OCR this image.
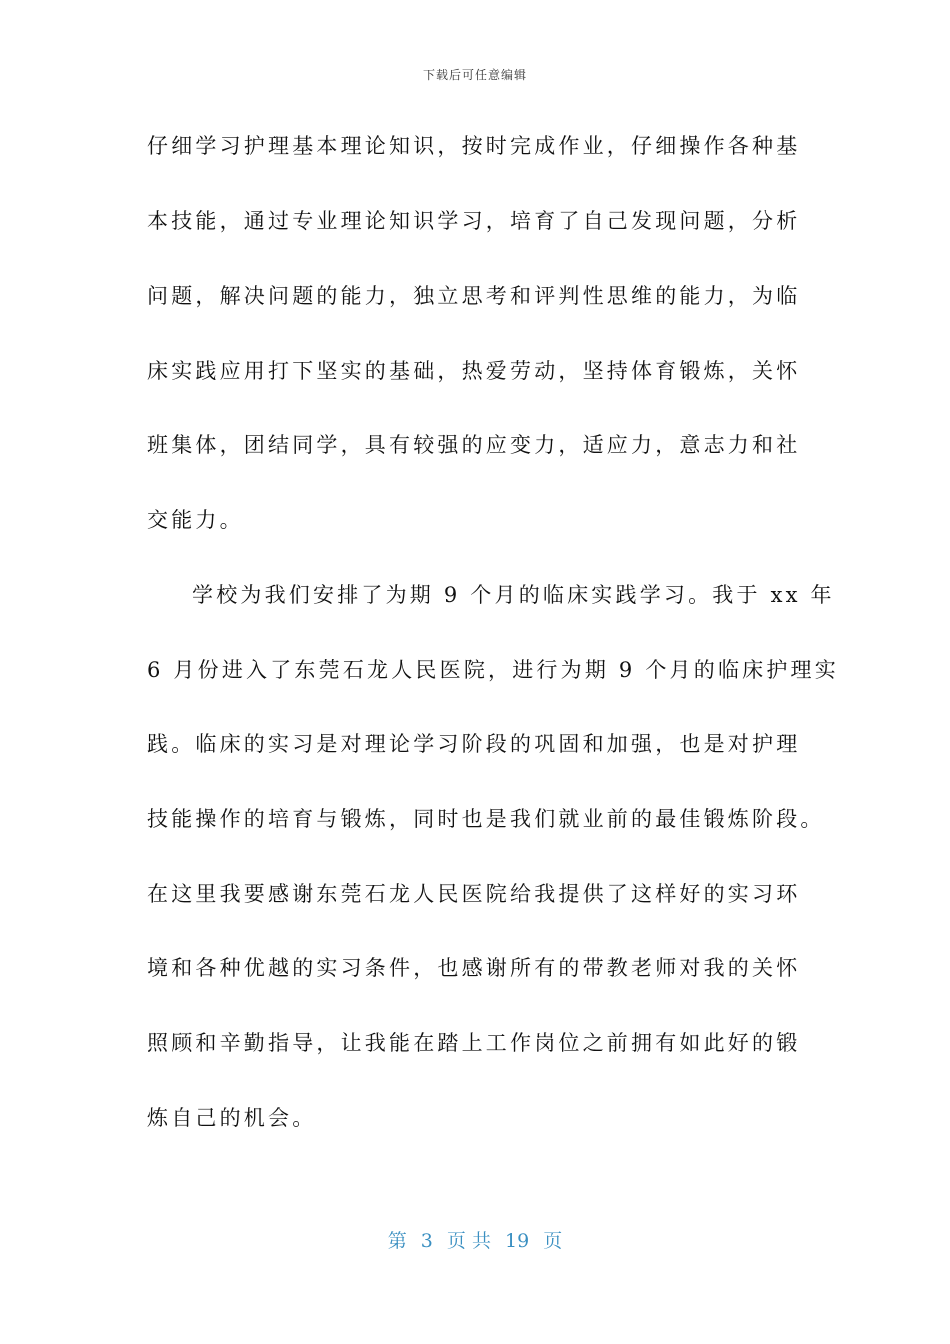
下载后可任意编辑
仔细学习护理基本理论知识，按时完成作业，仔细操作各种基
本技能，通过专业理论知识学习，培育了自己发现问题，分析
问题，解决问题的能力，独立思考和评判性思维的能力，为临
床实践应用打下坚实的基础，热爱劳动，坚持体育锻炼，关怀
班集体，团结同学，具有较强的应变力，适应力，意志力和社
交能力。
学校为我们安排了为期 9 个月的临床实践学习。我于 xx 年
6 月份进入了东莞石龙人民医院，进行为期 9 个月的临床护理实
践。临床的实习是对理论学习阶段的巩固和加强，也是对护理
技能操作的培育与锻炼，同时也是我们就业前的最佳锻炼阶段。
在这里我要感谢东莞石龙人民医院给我提供了这样好的实习环
境和各种优越的实习条件，也感谢所有的带教老师对我的关怀
照顾和辛勤指导，让我能在踏上工作岗位之前拥有如此好的锻
炼自己的机会。
第 3 页 共 19 页
